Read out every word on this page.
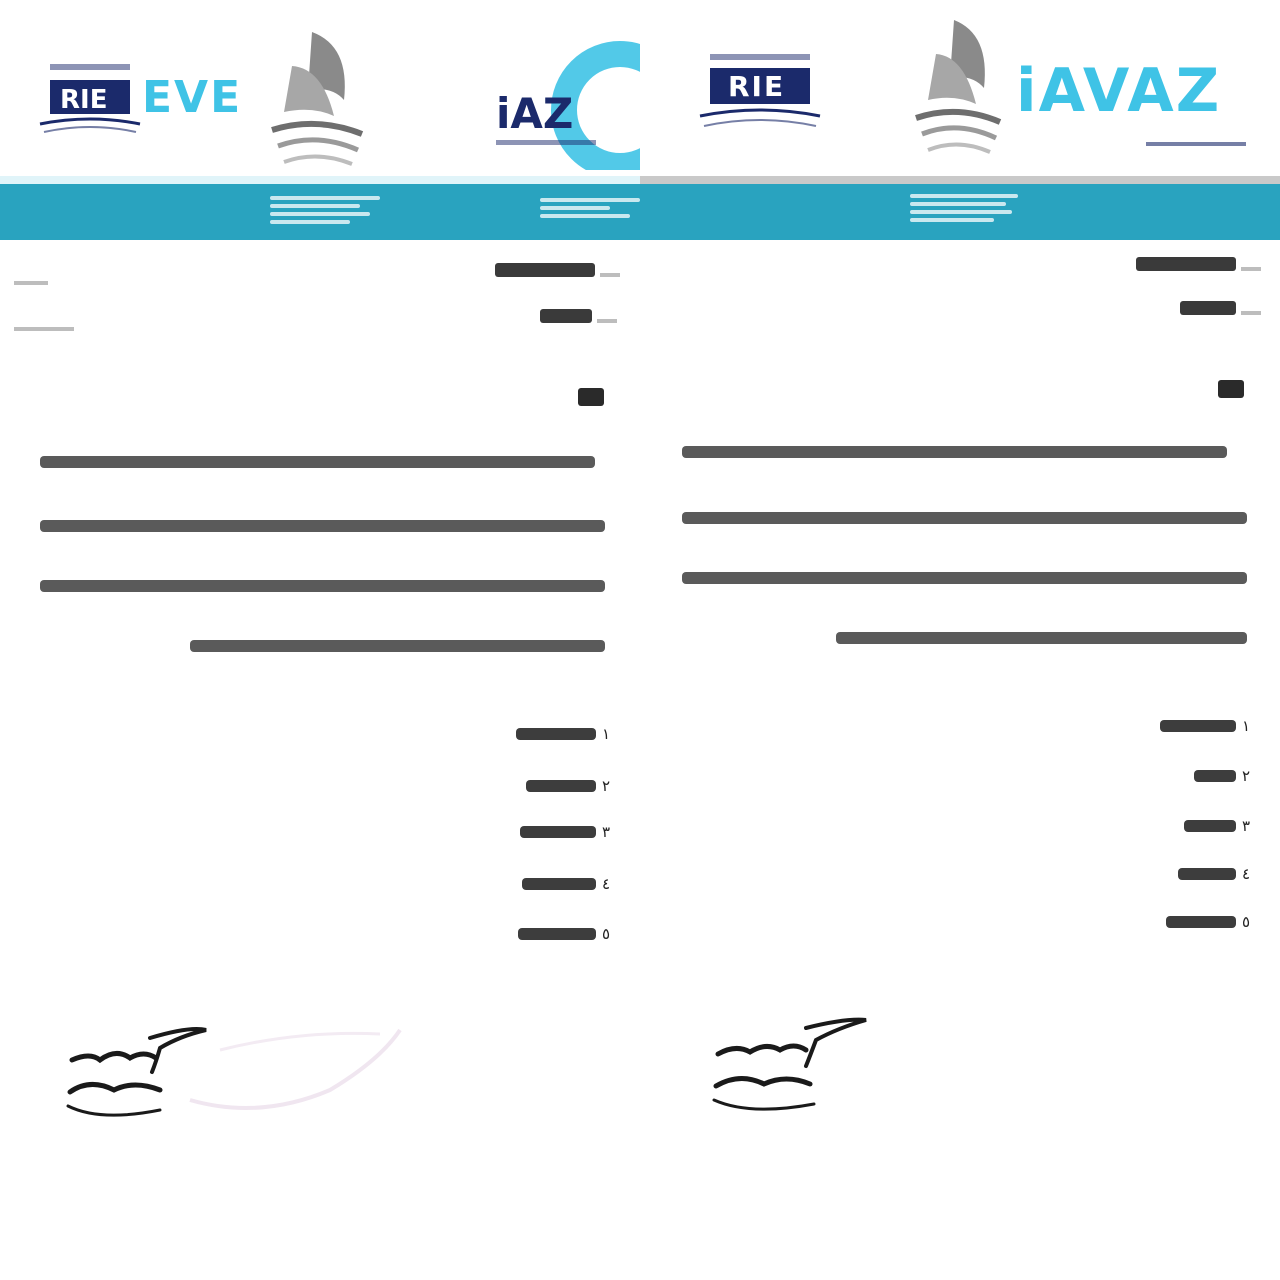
RIE EVE	iAZ

١
٢
٣
٤
٥
RIE	iAVAZ

١
٢
٣
٤
٥
